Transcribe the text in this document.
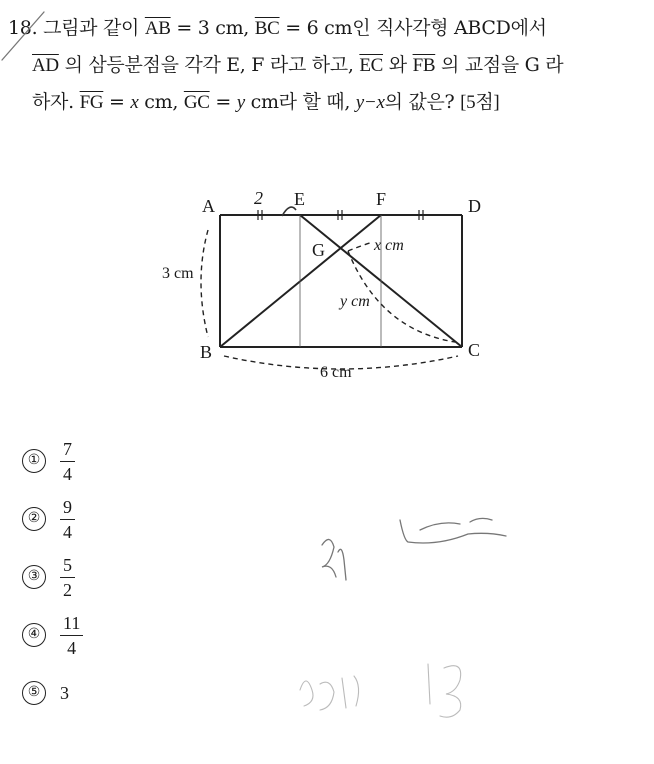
18. 그림과 같이 $\overline{AB} = 3$ cm, $\overline{BC} = 6$ cm인 직사각형 ABCD에서
$\overline{AD}$ 의 삼등분점을 각각 E, F 라고 하고, $\overline{EC}$ 와 $\overline{FB}$ 의 교점을 G 라
하자. $\overline{FG} = x$ cm, $\overline{GC} = y$ cm라 할 때, y−x의 값은? [5점]
A	E	F	D
G
B	C
3 cm
6 cm
x cm
y cm
2
①	$\frac{7}{4}$
②	$\frac{9}{4}$
③	$\frac{5}{2}$
④	$\frac{11}{4}$
⑤	3
